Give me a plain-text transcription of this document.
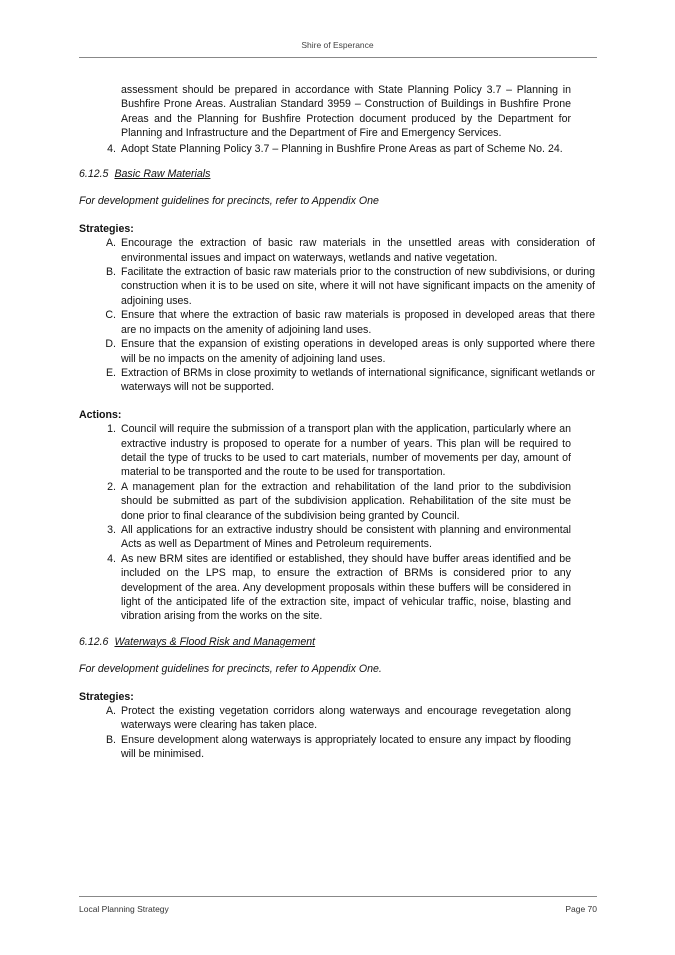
Shire of Esperance
assessment should be prepared in accordance with State Planning Policy 3.7 – Planning in Bushfire Prone Areas. Australian Standard 3959 – Construction of Buildings in Bushfire Prone Areas and the Planning for Bushfire Protection document produced by the Department for Planning and Infrastructure and the Department of Fire and Emergency Services.
4. Adopt State Planning Policy 3.7 – Planning in Bushfire Prone Areas as part of Scheme No. 24.
6.12.5 Basic Raw Materials
For development guidelines for precincts, refer to Appendix One
Strategies:
A. Encourage the extraction of basic raw materials in the unsettled areas with consideration of environmental issues and impact on waterways, wetlands and native vegetation.
B. Facilitate the extraction of basic raw materials prior to the construction of new subdivisions, or during construction when it is to be used on site, where it will not have significant impacts on the amenity of adjoining uses.
C. Ensure that where the extraction of basic raw materials is proposed in developed areas that there are no impacts on the amenity of adjoining land uses.
D. Ensure that the expansion of existing operations in developed areas is only supported where there will be no impacts on the amenity of adjoining land uses.
E. Extraction of BRMs in close proximity to wetlands of international significance, significant wetlands or waterways will not be supported.
Actions:
1. Council will require the submission of a transport plan with the application, particularly where an extractive industry is proposed to operate for a number of years. This plan will be required to detail the type of trucks to be used to cart materials, number of movements per day, amount of material to be transported and the route to be used for transportation.
2. A management plan for the extraction and rehabilitation of the land prior to the subdivision should be submitted as part of the subdivision application. Rehabilitation of the site must be done prior to final clearance of the subdivision being granted by Council.
3. All applications for an extractive industry should be consistent with planning and environmental Acts as well as Department of Mines and Petroleum requirements.
4. As new BRM sites are identified or established, they should have buffer areas identified and be included on the LPS map, to ensure the extraction of BRMs is considered prior to any development of the area. Any development proposals within these buffers will be considered in light of the anticipated life of the extraction site, impact of vehicular traffic, noise, blasting and vibration arising from the works on the site.
6.12.6 Waterways & Flood Risk and Management
For development guidelines for precincts, refer to Appendix One.
Strategies:
A. Protect the existing vegetation corridors along waterways and encourage revegetation along waterways were clearing has taken place.
B. Ensure development along waterways is appropriately located to ensure any impact by flooding will be minimised.
Local Planning Strategy	Page 70
